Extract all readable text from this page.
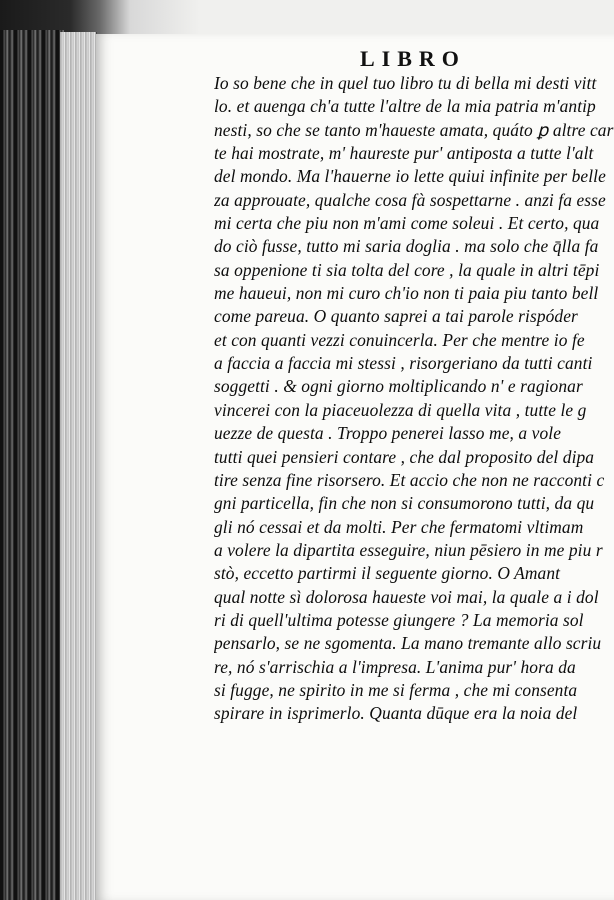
LIBRO
Io so bene che in quel tuo libro tu di bella mi desti vitt
lo. et auenga ch'a tutte l'altre de la mia patria m'antip
nesti, so che se tanto m'haueste amata, quáto ꝑ altre car
te hai mostrate, m' haureste pur' antiposta a tutte l'alt
del mondo. Ma l'hauerne io lette quiui infinite per belle
za approuate, qualche cosa fà sospettarne . anzi fa esse
mi certa che piu non m'ami come soleui . Et certo, qua
do ciò fusse, tutto mi saria doglia . ma solo che q̄lla fa
sa oppenione ti sia tolta del core , la quale in altri tēpi
me haueui, non mi curo ch'io non ti paia piu tanto bell
come pareua. O quanto saprei a tai parole rispóder
et con quanti vezzi conuincerla. Per che mentre io fe
a faccia a faccia mi stessi , risorgeriano da tutti canti
soggetti . & ogni giorno moltiplicando n' e ragionar
vincerei con la piaceuolezza di quella vita , tutte le g
uezze de questa . Troppo penerei lasso me, a vole
tutti quei pensieri contare , che dal proposito del dipa
tire senza fine risorsero. Et accio che non ne racconti c
gni particella, fin che non si consumorono tutti, da qu
gli nó cessai et da molti. Per che fermatomi vltimam
a volere la dipartita esseguire, niun pēsiero in me piu r
stò, eccetto partirmi il seguente giorno. O Amant
qual notte sì dolorosa haueste voi mai, la quale a i dol
ri di quell'ultima potesse giungere ? La memoria sol
pensarlo, se ne sgomenta. La mano tremante allo scriu
re, nó s'arrischia a l'impresa. L'anima pur' hora da
si fugge, ne spirito in me si ferma , che mi consenta
spirare in isprimerlo. Quanta dūque era la noia del
